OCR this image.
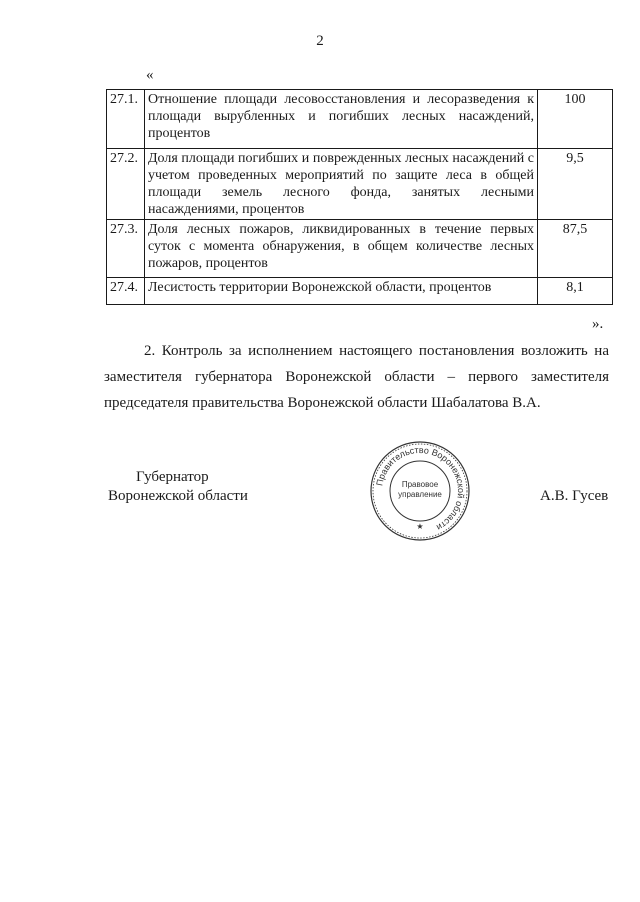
2
«
27.1.	Отношение площади лесовосстановления и лесоразведения к площади вырубленных и погибших лесных насаждений, процентов	100
27.2.	Доля площади погибших и поврежденных лесных насаждений с учетом проведенных мероприятий по защите леса в общей площади земель лесного фонда, занятых лесными насаждениями, процентов	9,5
27.3.	Доля лесных пожаров, ликвидированных в течение первых суток с момента обнаружения, в общем количестве лесных пожаров, процентов	87,5
27.4.	Лесистость территории Воронежской области, процентов	8,1
».
2. Контроль за исполнением настоящего постановления возложить на заместителя губернатора Воронежской области – первого заместителя председателя правительства Воронежской области Шабалатова В.А.
Губернатор
Воронежской области	А.В. Гусев
Правительство Воронежской области
★
Правовое
управление
